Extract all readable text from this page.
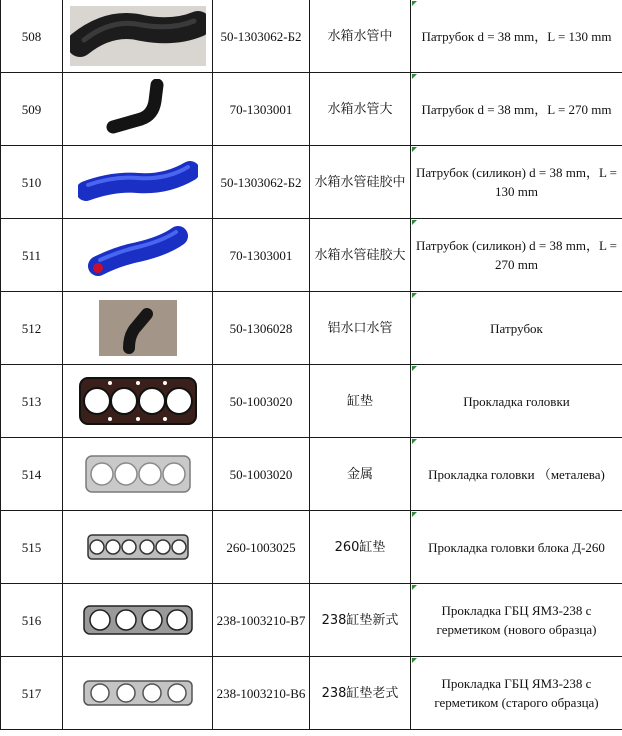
508		50-1303062-Б2	水箱水管中	Патрубок d = 38 mm，L = 130 mm
509		70-1303001	水箱水管大	Патрубок d = 38 mm，L = 270 mm
510		50-1303062-Б2	水箱水管硅胶中	Патрубок (силикон) d = 38 mm，L = 130 mm
511		70-1303001	水箱水管硅胶大	Патрубок (силикон) d = 38 mm，L = 270 mm
512		50-1306028	铝水口水管	Патрубок
513		50-1003020	缸垫	Прокладка головки
514		50-1003020	金属	Прокладка головки （металева)
515		260-1003025	260缸垫	Прокладка головки блока Д-260
516		238-1003210-В7	238缸垫新式	Прокладка ГБЦ ЯМЗ-238 с герметиком (нового образца)
517		238-1003210-В6	238缸垫老式	Прокладка ГБЦ ЯМЗ-238 с герметиком (старого образца)
